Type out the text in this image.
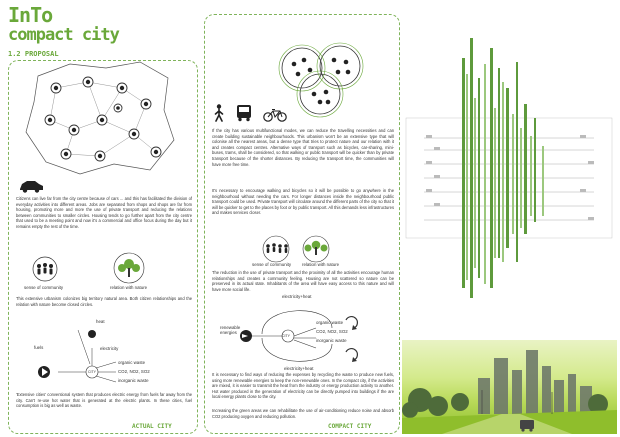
InTo
compact city
1.2 PROPOSAL
Citizens can live far from the city centre because of cars ... and this has facilitated the division of everyday activities into different areas. Jobs are separated from shops and shops are far from housing, promoting more and more the use of private transport and reducing the relations between communities to smaller circles. Housing tends to go further apart from the city centre that used to be a meeting point and now it's a commercial and office focus during the day but it remains empty the rest of the time.
sense of community	relation with nature
This extensive urbanism colonizes big territory natural area. Both citizen relationships and the relation with nature become closed circles.
heat
fuels	electricity
CITY
organic waste
CO2, NO2, SO2
inorganic waste
'Extensive cities' conventional system that produces electric energy from fuels far away from the city. Can't re-use hot water that is generated at the electric plants. In these cities, fuel consumption is big as well as waste.
ACTUAL CITY
If the city has various multifunctional modes, we can reduce the travelling necessities and can create building sustainable neighbourhoods. This urbanism won't be an extensive type that will colonise all the nearest areas, but a dense type that tries to protect nature and our relation with it and creates compact centres. Alternative ways of transport such as bicycles, car-sharing, mini-buses, trams, shall be considered, so that walking or public transport will be quicker than by private transport because of the shorter distances. By reducing the transport time, the communities will have more free time.
It's necessary to encourage walking and bicycles so it will be possible to go anywhere in the neighbourhood without needing the cars. For longer distances inside the neighbourhood public transport could be used. Private transport will circulate around the different parts of the city so that it will be quicker to get to the places by foot or by public transport. All this demands less infrastructures and makes services closer.
sense of community relation with nature
The reduction in the use of private transport and the proximity of all the activities encourage human relationships and creates a community feeling. Housing are not scattered so nature can be preserved in its actual state. Inhabitants of the area will have easy access to this nature and will have more social life.
electricity+heat
renewable energies
CITY
organic waste
CO2, NO2, SO2
inorganic waste
electricity+heat
It is necessary to find ways of reducing the expenses by recycling the waste to produce new fuels, using more renewable energies to keep the non-renewable ones. In the compact city, if the activities are mixed, it is easier to transmit the heat from the industry or energy production activity to another. Hot water produced in the generation of electricity can be directly pumped into buildings if the are local energy plants close to the city.
Increasing the green areas we can rehabilitate the use of air-conditioning reduce noise and absorb CO2 producing oxygen and reducing pollution.
COMPACT CITY
